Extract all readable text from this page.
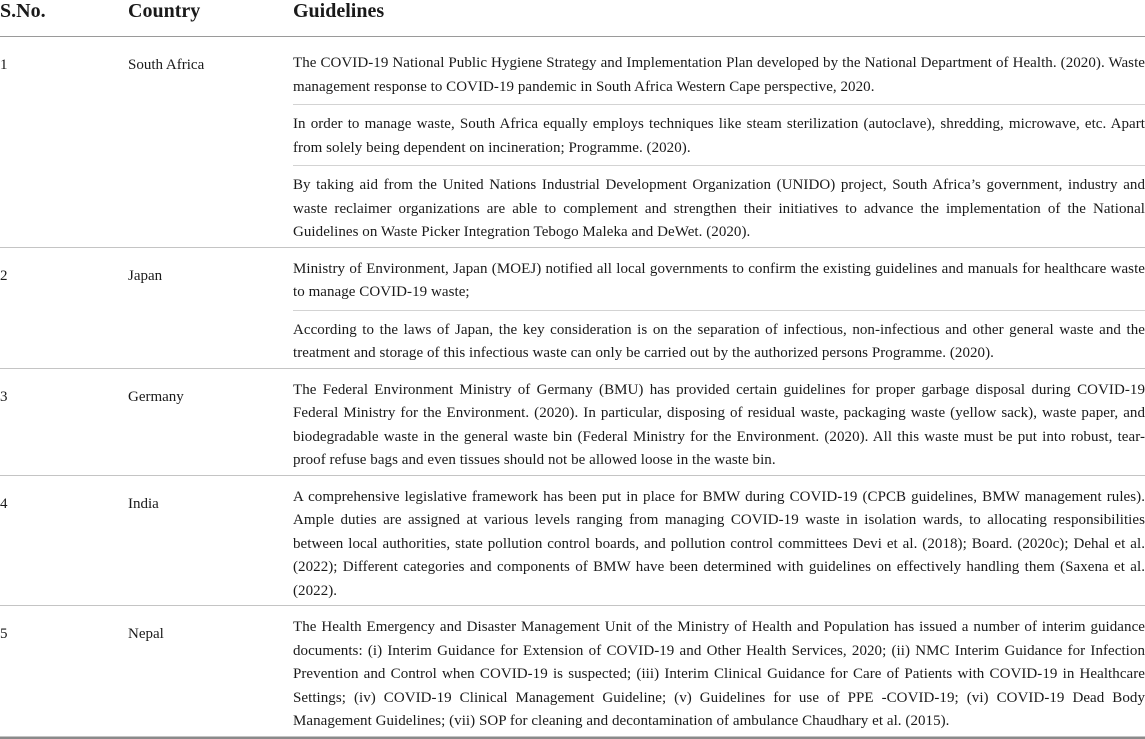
S.No.	Country	Guidelines
1	South Africa	The COVID-19 National Public Hygiene Strategy and Implementation Plan developed by the National Department of Health. (2020). Waste management response to COVID-19 pandemic in South Africa Western Cape perspective, 2020.
In order to manage waste, South Africa equally employs techniques like steam sterilization (autoclave), shredding, microwave, etc. Apart from solely being dependent on incineration; Programme. (2020).
By taking aid from the United Nations Industrial Development Organization (UNIDO) project, South Africa’s government, industry and waste reclaimer organizations are able to complement and strengthen their initiatives to advance the implementation of the National Guidelines on Waste Picker Integration Tebogo Maleka and DeWet. (2020).
2	Japan	Ministry of Environment, Japan (MOEJ) notified all local governments to confirm the existing guidelines and manuals for healthcare waste to manage COVID-19 waste;
According to the laws of Japan, the key consideration is on the separation of infectious, non-infectious and other general waste and the treatment and storage of this infectious waste can only be carried out by the authorized persons Programme. (2020).
3	Germany	The Federal Environment Ministry of Germany (BMU) has provided certain guidelines for proper garbage disposal during COVID-19 Federal Ministry for the Environment. (2020). In particular, disposing of residual waste, packaging waste (yellow sack), waste paper, and biodegradable waste in the general waste bin (Federal Ministry for the Environment. (2020). All this waste must be put into robust, tear-proof refuse bags and even tissues should not be allowed loose in the waste bin.
4	India	A comprehensive legislative framework has been put in place for BMW during COVID-19 (CPCB guidelines, BMW management rules). Ample duties are assigned at various levels ranging from managing COVID-19 waste in isolation wards, to allocating responsibilities between local authorities, state pollution control boards, and pollution control committees Devi et al. (2018); Board. (2020c); Dehal et al. (2022); Different categories and components of BMW have been determined with guidelines on effectively handling them (Saxena et al. (2022).
5	Nepal	The Health Emergency and Disaster Management Unit of the Ministry of Health and Population has issued a number of interim guidance documents: (i) Interim Guidance for Extension of COVID-19 and Other Health Services, 2020; (ii) NMC Interim Guidance for Infection Prevention and Control when COVID-19 is suspected; (iii) Interim Clinical Guidance for Care of Patients with COVID-19 in Healthcare Settings; (iv) COVID-19 Clinical Management Guideline; (v) Guidelines for use of PPE -COVID-19; (vi) COVID-19 Dead Body Management Guidelines; (vii) SOP for cleaning and decontamination of ambulance Chaudhary et al. (2015).
